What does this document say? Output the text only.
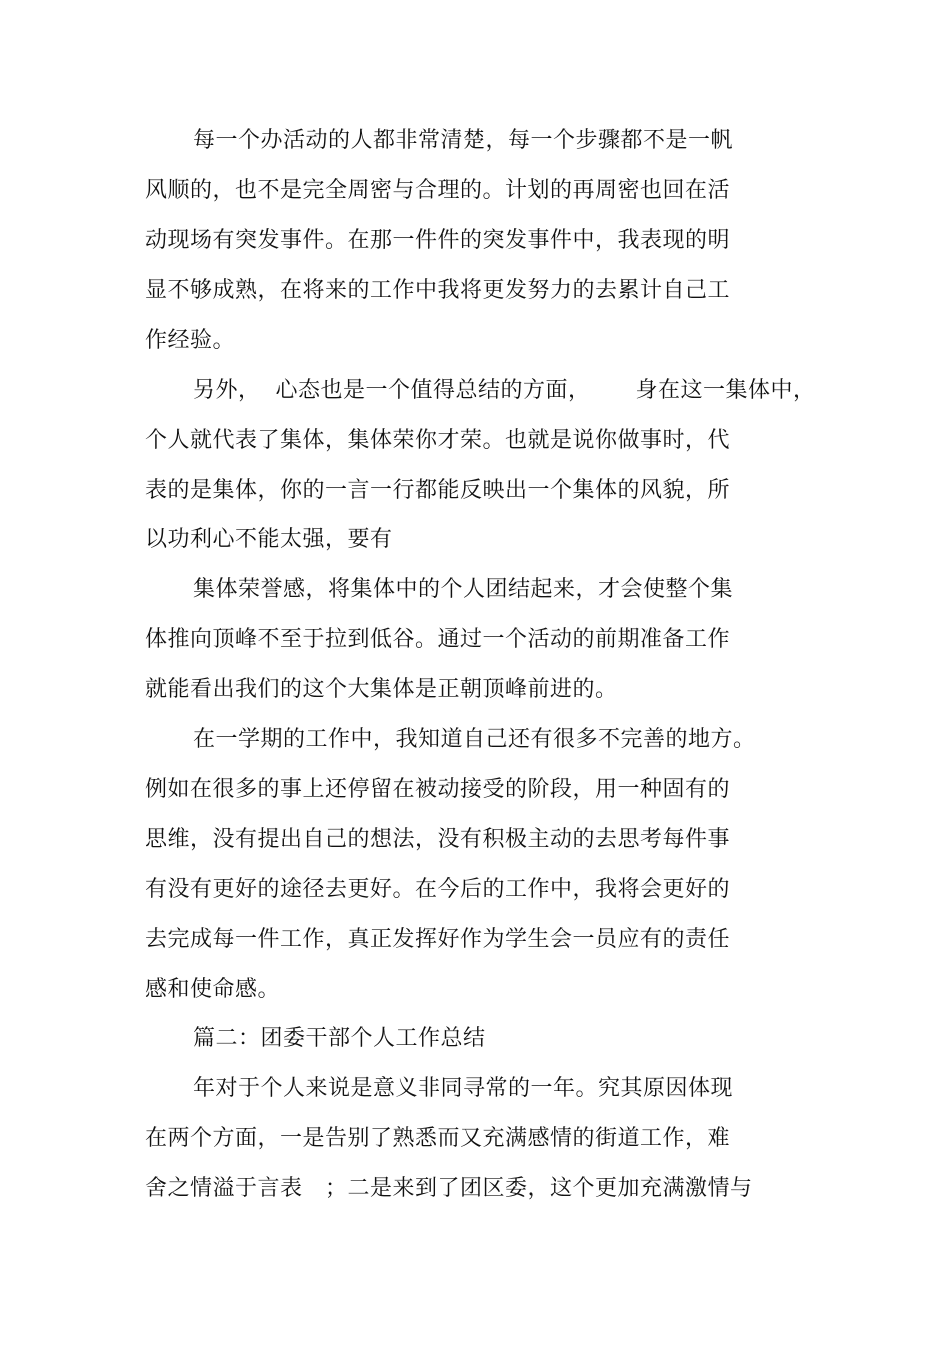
每一个办活动的人都非常清楚，每一个步骤都不是一帆
风顺的，也不是完全周密与合理的。计划的再周密也回在活
动现场有突发事件。在那一件件的突发事件中，我表现的明
显不够成熟，在将来的工作中我将更发努力的去累计自己工
作经验。
另外，  心态也是一个值得总结的方面，      身在这一集体中，
个人就代表了集体，集体荣你才荣。也就是说你做事时，代
表的是集体，你的一言一行都能反映出一个集体的风貌，所
以功利心不能太强，要有
集体荣誉感，将集体中的个人团结起来，才会使整个集
体推向顶峰不至于拉到低谷。通过一个活动的前期准备工作
就能看出我们的这个大集体是正朝顶峰前进的。
在一学期的工作中，我知道自己还有很多不完善的地方。
例如在很多的事上还停留在被动接受的阶段，用一种固有的
思维，没有提出自己的想法，没有积极主动的去思考每件事
有没有更好的途径去更好。在今后的工作中，我将会更好的
去完成每一件工作，真正发挥好作为学生会一员应有的责任
感和使命感。
篇二：团委干部个人工作总结
年对于个人来说是意义非同寻常的一年。究其原因体现
在两个方面，一是告别了熟悉而又充满感情的街道工作，难
舍之情溢于言表   ；二是来到了团区委，这个更加充满激情与
